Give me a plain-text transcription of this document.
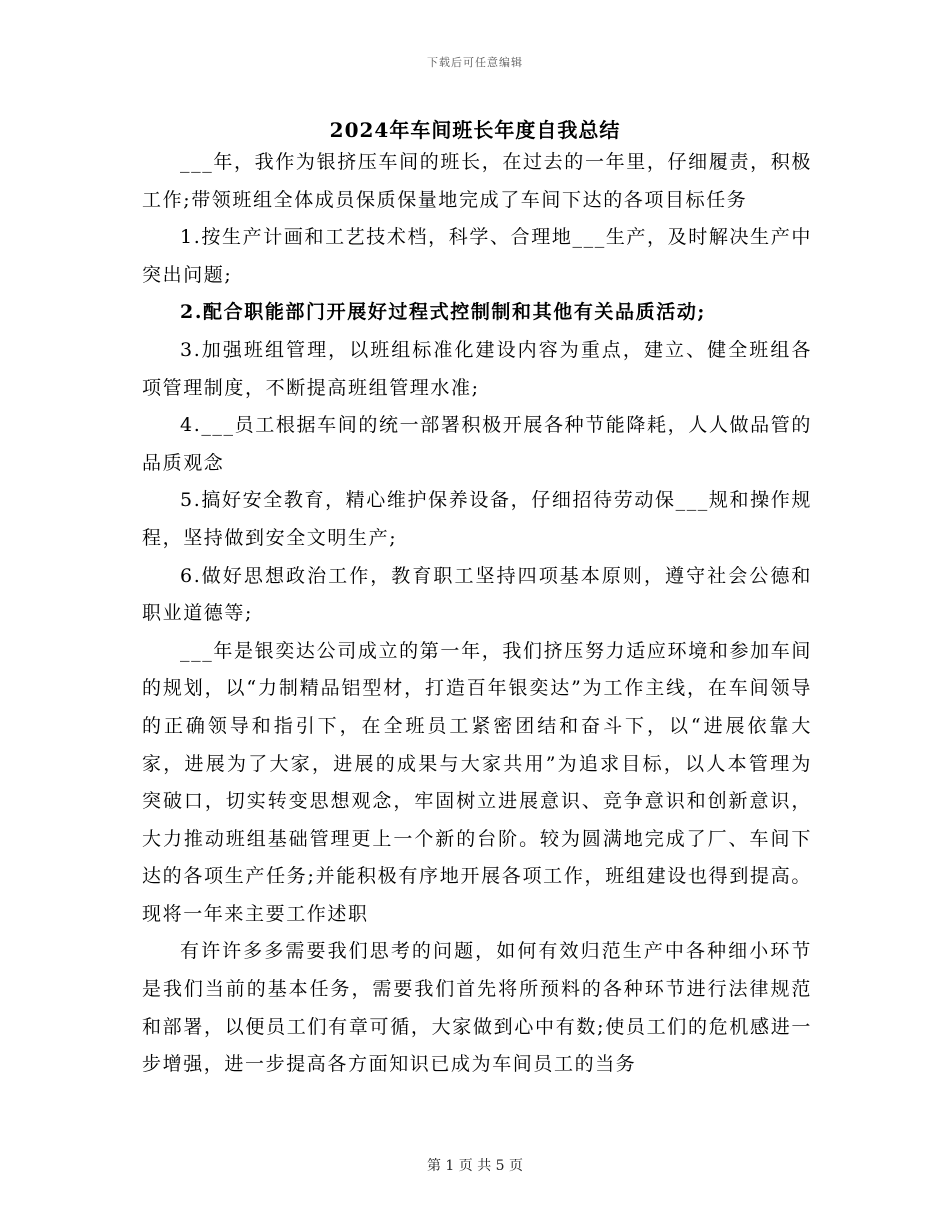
下载后可任意编辑
2024年车间班长年度自我总结

___年，我作为银挤压车间的班长，在过去的一年里，仔细履责，积极工作;带领班组全体成员保质保量地完成了车间下达的各项目标任务

1.按生产计画和工艺技术档，科学、合理地___生产，及时解决生产中突出问题;

2.配合职能部门开展好过程式控制制和其他有关品质活动;

3.加强班组管理，以班组标准化建设内容为重点，建立、健全班组各项管理制度，不断提高班组管理水准;

4.___员工根据车间的统一部署积极开展各种节能降耗，人人做品管的品质观念

5.搞好安全教育，精心维护保养设备，仔细招待劳动保___规和操作规程，坚持做到安全文明生产;

6.做好思想政治工作，教育职工坚持四项基本原则，遵守社会公德和职业道德等;

___年是银奕达公司成立的第一年，我们挤压努力适应环境和参加车间的规划，以“力制精品铝型材，打造百年银奕达”为工作主线，在车间领导的正确领导和指引下，在全班员工紧密团结和奋斗下，以“进展依靠大家，进展为了大家，进展的成果与大家共用”为追求目标，以人本管理为突破口，切实转变思想观念，牢固树立进展意识、竞争意识和创新意识，大力推动班组基础管理更上一个新的台阶。较为圆满地完成了厂、车间下达的各项生产任务;并能积极有序地开展各项工作，班组建设也得到提高。现将一年来主要工作述职

有许许多多需要我们思考的问题，如何有效归范生产中各种细小环节是我们当前的基本任务，需要我们首先将所预料的各种环节进行法律规范和部署，以便员工们有章可循，大家做到心中有数;使员工们的危机感进一步增强，进一步提高各方面知识已成为车间员工的当务

第 1 页 共 5 页
